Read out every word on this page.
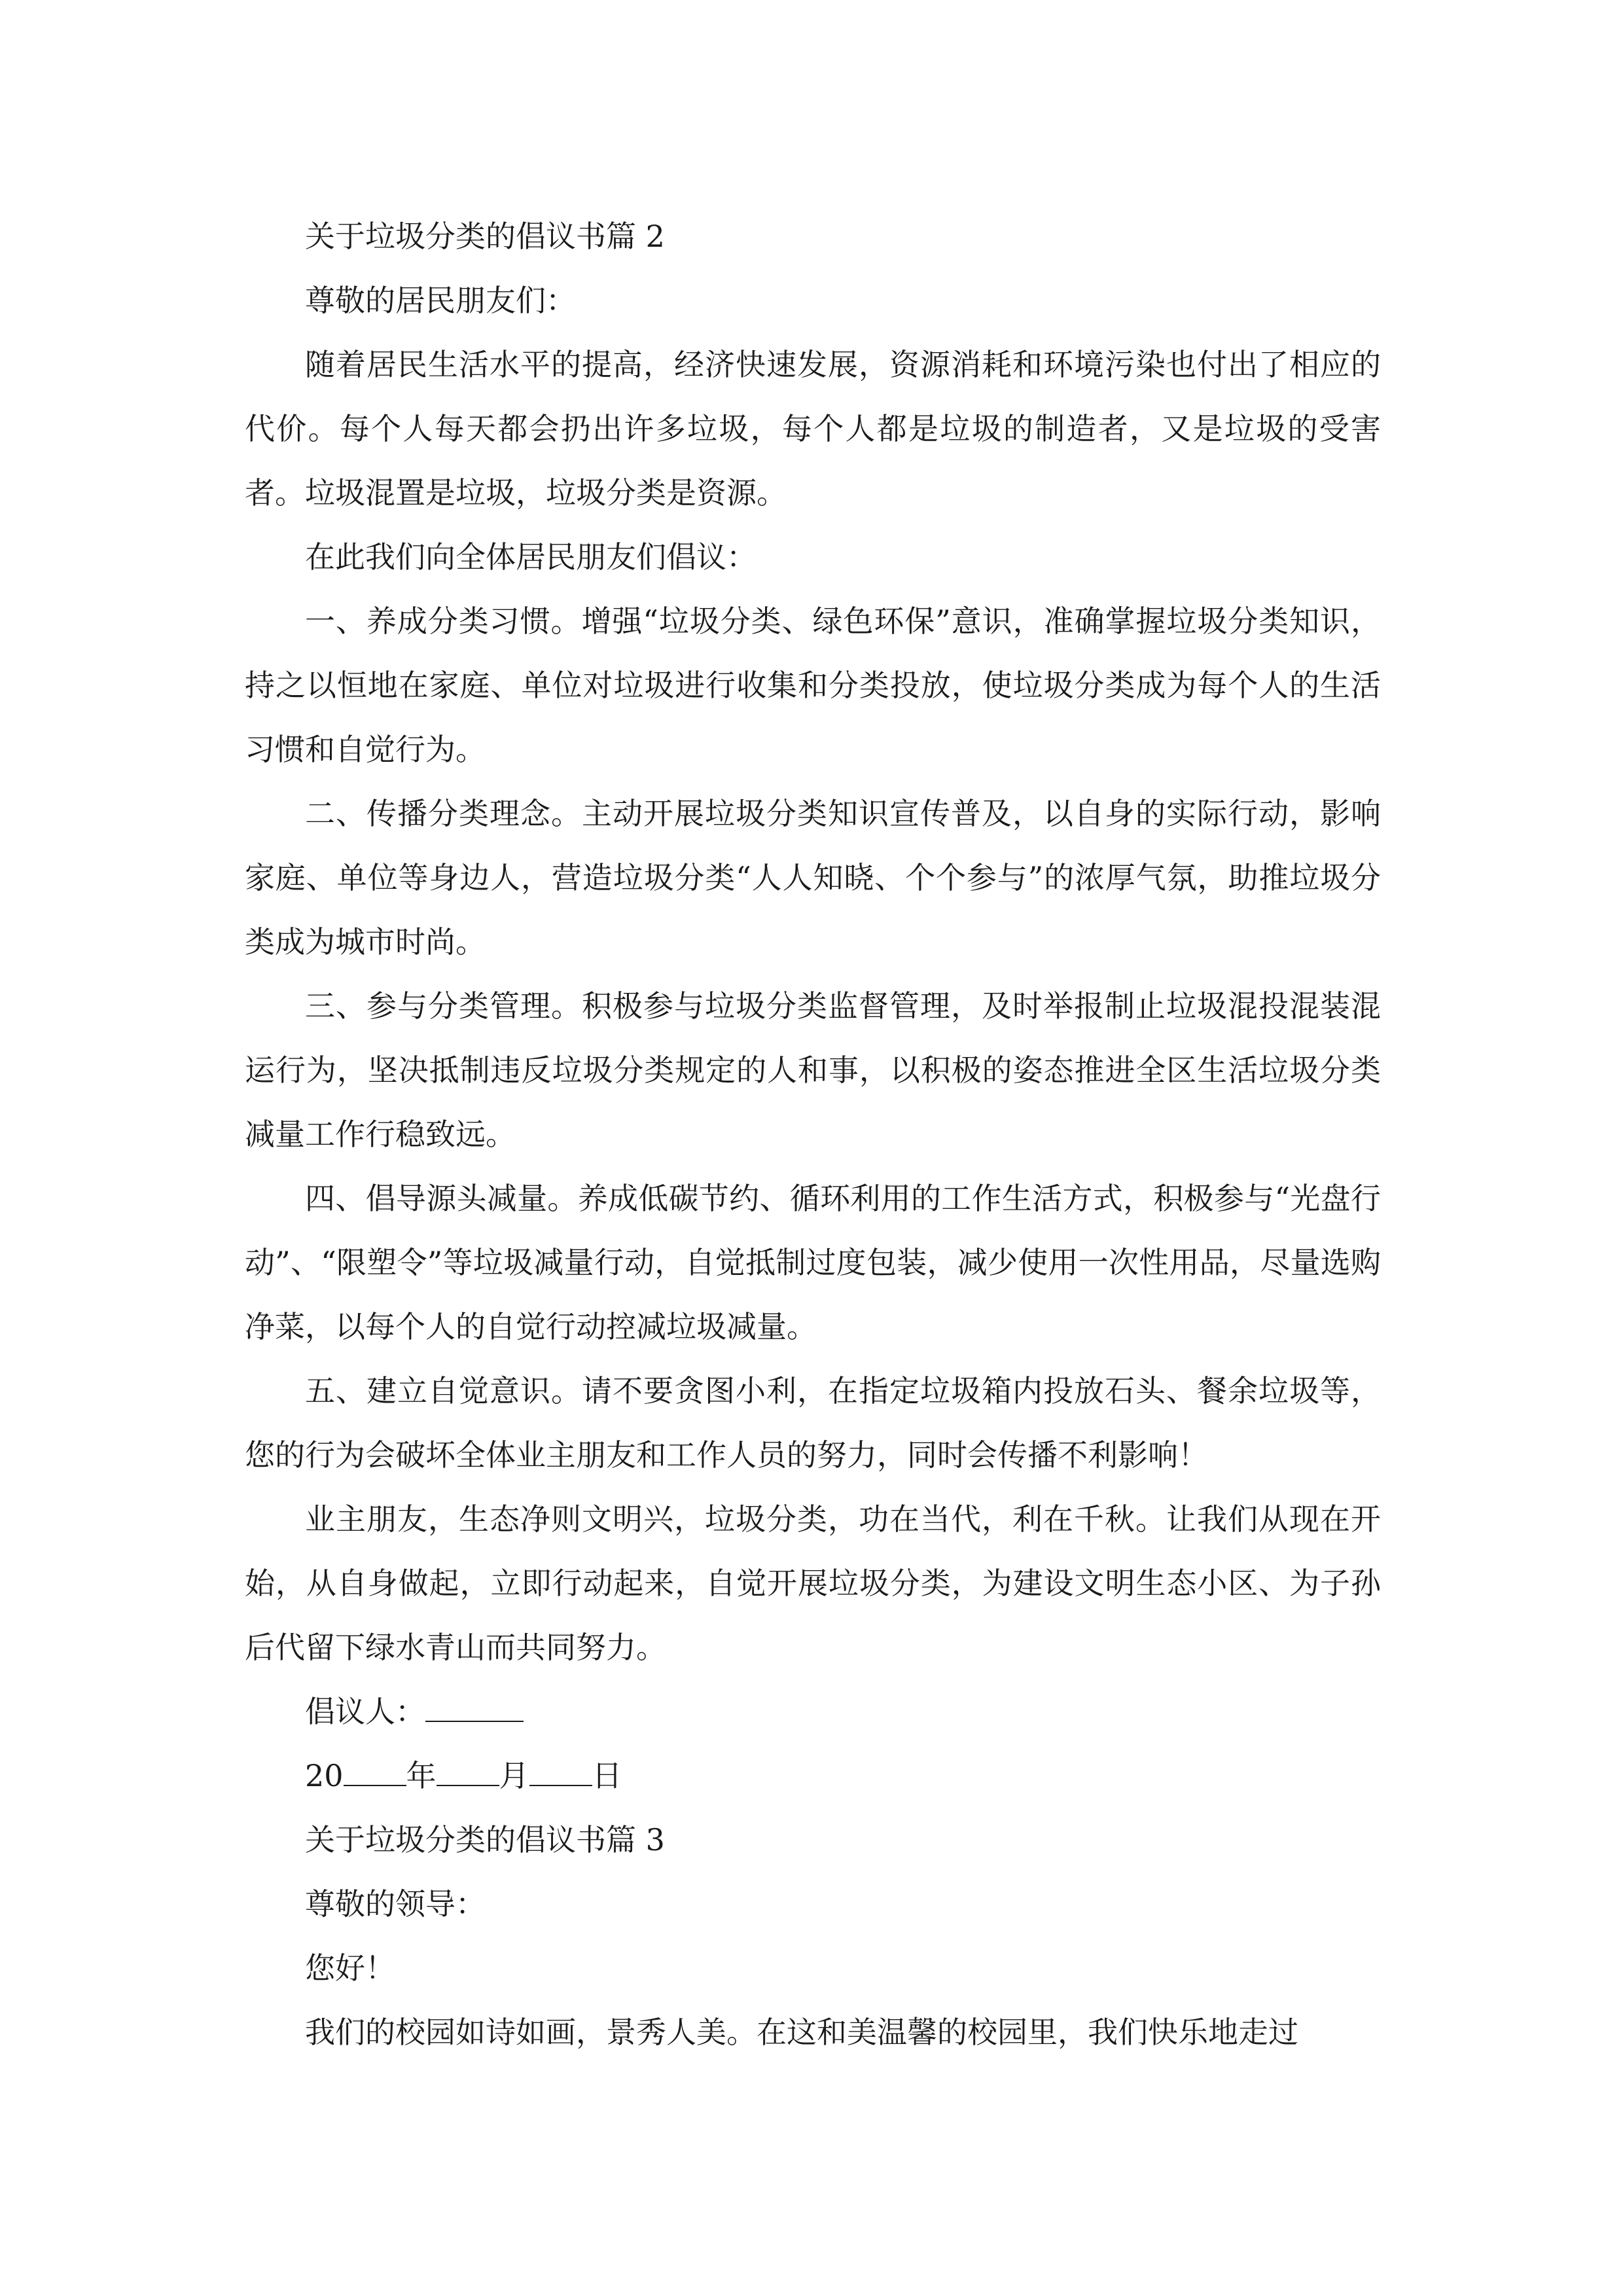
关于垃圾分类的倡议书篇 2

尊敬的居民朋友们：

随着居民生活水平的提高，经济快速发展，资源消耗和环境污染也付出了相应的代价。每个人每天都会扔出许多垃圾，每个人都是垃圾的制造者，又是垃圾的受害者。垃圾混置是垃圾，垃圾分类是资源。

在此我们向全体居民朋友们倡议：

一、养成分类习惯。增强“垃圾分类、绿色环保”意识，准确掌握垃圾分类知识，持之以恒地在家庭、单位对垃圾进行收集和分类投放，使垃圾分类成为每个人的生活习惯和自觉行为。

二、传播分类理念。主动开展垃圾分类知识宣传普及，以自身的实际行动，影响家庭、单位等身边人，营造垃圾分类“人人知晓、个个参与”的浓厚气氛，助推垃圾分类成为城市时尚。

三、参与分类管理。积极参与垃圾分类监督管理，及时举报制止垃圾混投混装混运行为，坚决抵制违反垃圾分类规定的人和事，以积极的姿态推进全区生活垃圾分类减量工作行稳致远。

四、倡导源头减量。养成低碳节约、循环利用的工作生活方式，积极参与“光盘行动”、“限塑令”等垃圾减量行动，自觉抵制过度包装，减少使用一次性用品，尽量选购净菜，以每个人的自觉行动控减垃圾减量。

五、建立自觉意识。请不要贪图小利，在指定垃圾箱内投放石头、餐余垃圾等，您的行为会破坏全体业主朋友和工作人员的努力，同时会传播不利影响！

业主朋友，生态净则文明兴，垃圾分类，功在当代，利在千秋。让我们从现在开始，从自身做起，立即行动起来，自觉开展垃圾分类，为建设文明生态小区、为子孙后代留下绿水青山而共同努力。

倡议人：

20 年 月 日

关于垃圾分类的倡议书篇 3

尊敬的领导：

您好！

我们的校园如诗如画，景秀人美。在这和美温馨的校园里，我们快乐地走过
